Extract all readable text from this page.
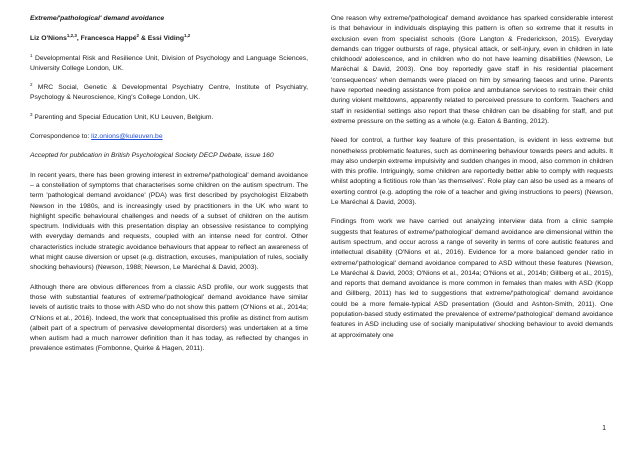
Extreme/'pathological' demand avoidance

Liz O'Nions$^{1,2,3}$, Francesca Happé$^2$ & Essi Viding$^{1,2}$

$^1$ Developmental Risk and Resilience Unit, Division of Psychology and Language Sciences, University College London, UK.

$^2$ MRC Social, Genetic & Developmental Psychiatry Centre, Institute of Psychiatry, Psychology & Neuroscience, King's College London, UK.

$^3$ Parenting and Special Education Unit, KU Leuven, Belgium.

Correspondence to: liz.onions@kuleuven.be

Accepted for publication in British Psychological Society DECP Debate, issue 160

In recent years, there has been growing interest in extreme/'pathological' demand avoidance – a constellation of symptoms that characterises some children on the autism spectrum. The term 'pathological demand avoidance' (PDA) was first described by psychologist Elizabeth Newson in the 1980s, and is increasingly used by practitioners in the UK who want to highlight specific behavioural challenges and needs of a subset of children on the autism spectrum. Individuals with this presentation display an obsessive resistance to complying with everyday demands and requests, coupled with an intense need for control. Other characteristics include strategic avoidance behaviours that appear to reflect an awareness of what might cause diversion or upset (e.g. distraction, excuses, manipulation of rules, socially shocking behaviours) (Newson, 1988; Newson, Le Maréchal & David, 2003).

Although there are obvious differences from a classic ASD profile, our work suggests that those with substantial features of extreme/'pathological' demand avoidance have similar levels of autistic traits to those with ASD who do not show this pattern (O'Nions et al., 2014a; O'Nions et al., 2016). Indeed, the work that conceptualised this profile as distinct from autism (albeit part of a spectrum of pervasive developmental disorders) was undertaken at a time when autism had a much narrower definition than it has today, as reflected by changes in prevalence estimates (Fombonne, Quirke & Hagen, 2011).

One reason why extreme/'pathological' demand avoidance has sparked considerable interest is that behaviour in individuals displaying this pattern is often so extreme that it results in exclusion even from specialist schools (Gore Langton & Frederickson, 2015). Everyday demands can trigger outbursts of rage, physical attack, or self-injury, even in children in late childhood/ adolescence, and in children who do not have learning disabilities (Newson, Le Maréchal & David, 2003). One boy reportedly gave staff in his residential placement 'consequences' when demands were placed on him by smearing faeces and urine. Parents have reported needing assistance from police and ambulance services to restrain their child during violent meltdowns, apparently related to perceived pressure to conform. Teachers and staff in residential settings also report that these children can be disabling for staff, and put extreme pressure on the setting as a whole (e.g. Eaton & Banting, 2012).

Need for control, a further key feature of this presentation, is evident in less extreme but nonetheless problematic features, such as domineering behaviour towards peers and adults. It may also underpin extreme impulsivity and sudden changes in mood, also common in children with this profile. Intriguingly, some children are reportedly better able to comply with requests whilst adopting a fictitious role than 'as themselves'. Role play can also be used as a means of exerting control (e.g. adopting the role of a teacher and giving instructions to peers) (Newson, Le Maréchal & David, 2003).

Findings from work we have carried out analyzing interview data from a clinic sample suggests that features of extreme/'pathological' demand avoidance are dimensional within the autism spectrum, and occur across a range of severity in terms of core autistic features and intellectual disability (O'Nions et al., 2016). Evidence for a more balanced gender ratio in extreme/'pathological' demand avoidance compared to ASD without these features (Newson, Le Maréchal & David, 2003; O'Nions et al., 2014a; O'Nions et al., 2014b; Gillberg et al., 2015), and reports that demand avoidance is more common in females than males with ASD (Kopp and Gillberg, 2011) has led to suggestions that extreme/'pathological' demand avoidance could be a more female-typical ASD presentation (Gould and Ashton-Smith, 2011). One population-based study estimated the prevalence of extreme/'pathological' demand avoidance features in ASD including use of socially manipulative/ shocking behaviour to avoid demands at approximately one

1
